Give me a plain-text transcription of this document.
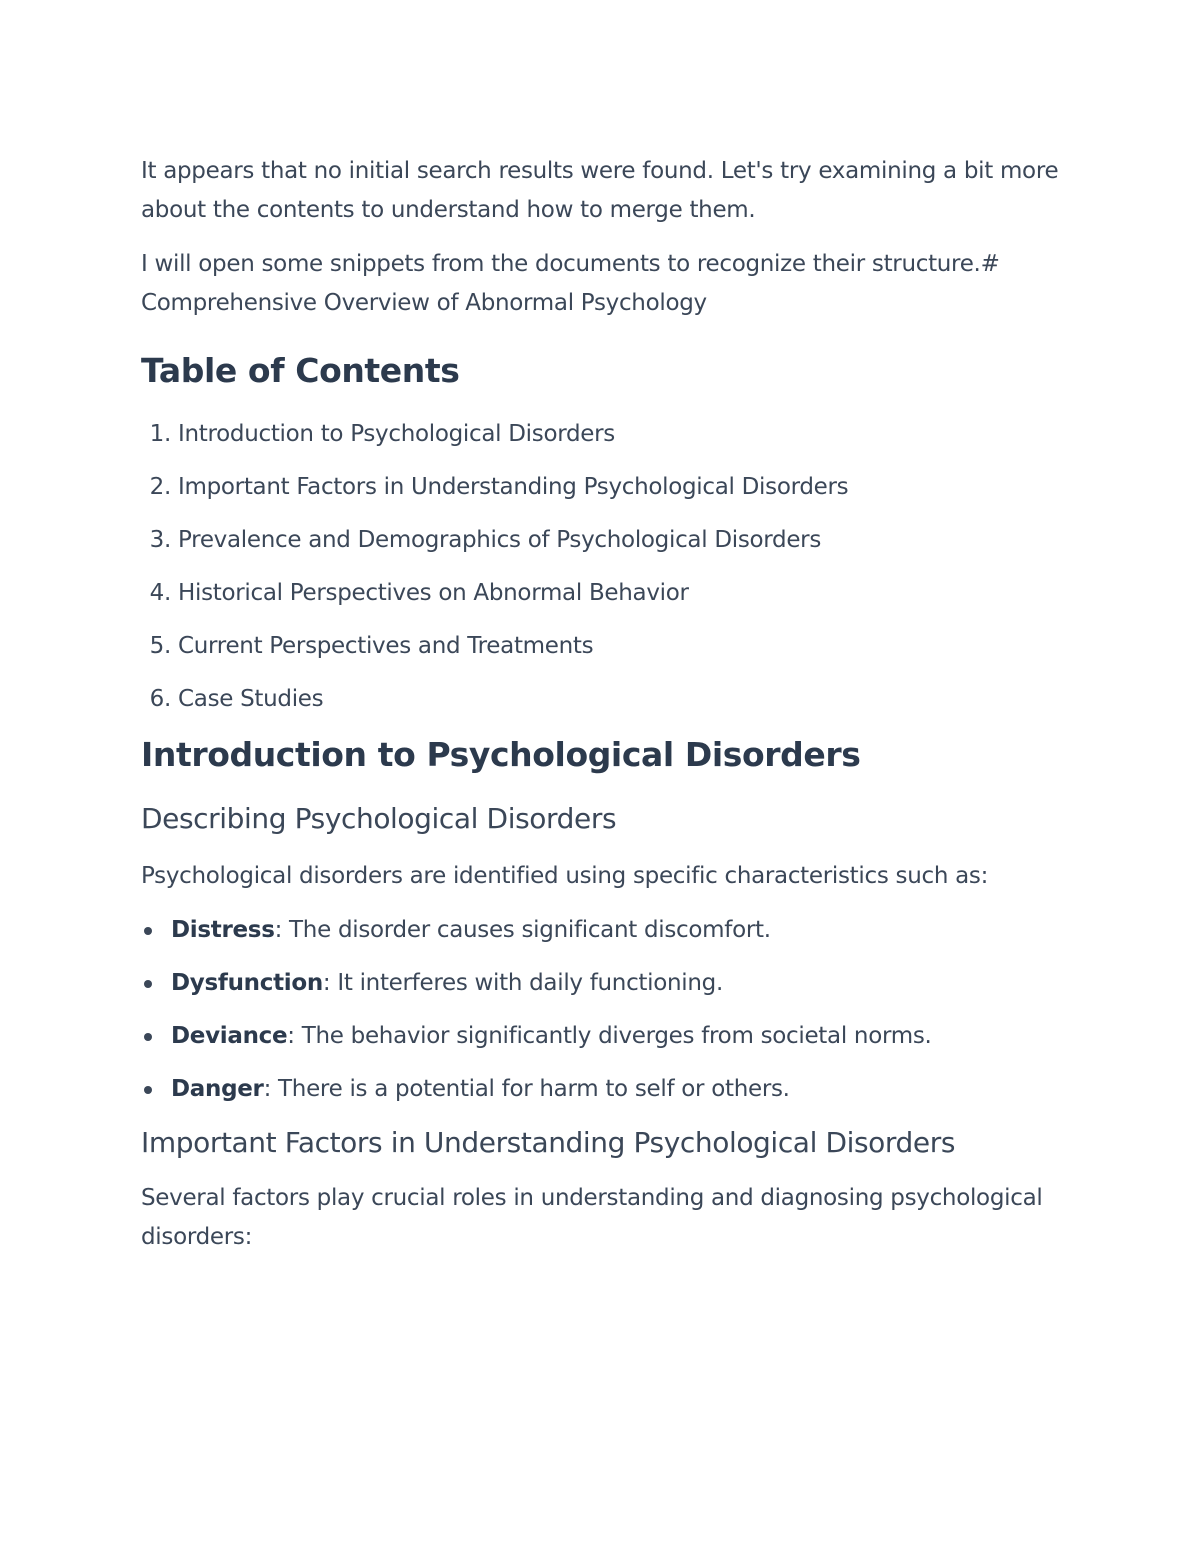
It appears that no initial search results were found. Let's try examining a bit more about the contents to understand how to merge them.

I will open some snippets from the documents to recognize their structure.# Comprehensive Overview of Abnormal Psychology

Table of Contents
1. Introduction to Psychological Disorders
2. Important Factors in Understanding Psychological Disorders
3. Prevalence and Demographics of Psychological Disorders
4. Historical Perspectives on Abnormal Behavior
5. Current Perspectives and Treatments
6. Case Studies
Introduction to Psychological Disorders
Describing Psychological Disorders

Psychological disorders are identified using specific characteristics such as:

Distress: The disorder causes significant discomfort.
Dysfunction: It interferes with daily functioning.
Deviance: The behavior significantly diverges from societal norms.
Danger: There is a potential for harm to self or others.
Important Factors in Understanding Psychological Disorders

Several factors play crucial roles in understanding and diagnosing psychological disorders:
